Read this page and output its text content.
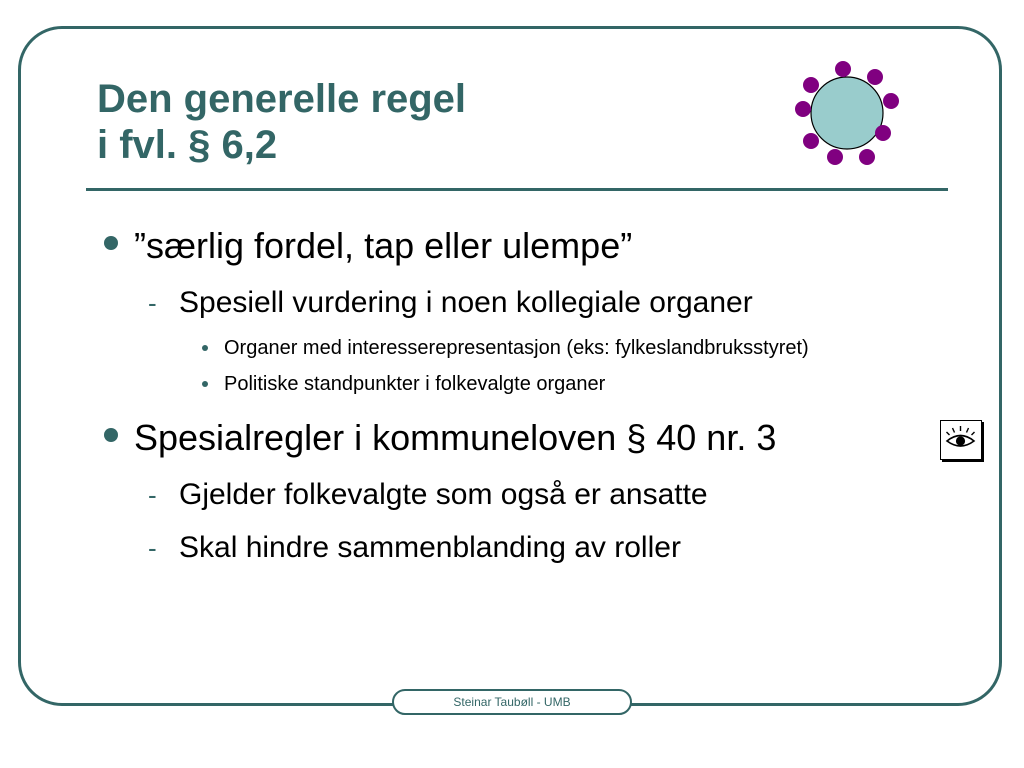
Den generelle regel
i fvl. § 6,2
”særlig fordel, tap eller ulempe”
- Spesiell vurdering i noen kollegiale organer
Organer med interesserepresentasjon (eks: fylkeslandbruksstyret)
Politiske standpunkter i folkevalgte organer
Spesialregler i kommuneloven § 40 nr. 3
- Gjelder folkevalgte som også er ansatte
- Skal hindre sammenblanding av roller
Steinar Taubøll - UMB
